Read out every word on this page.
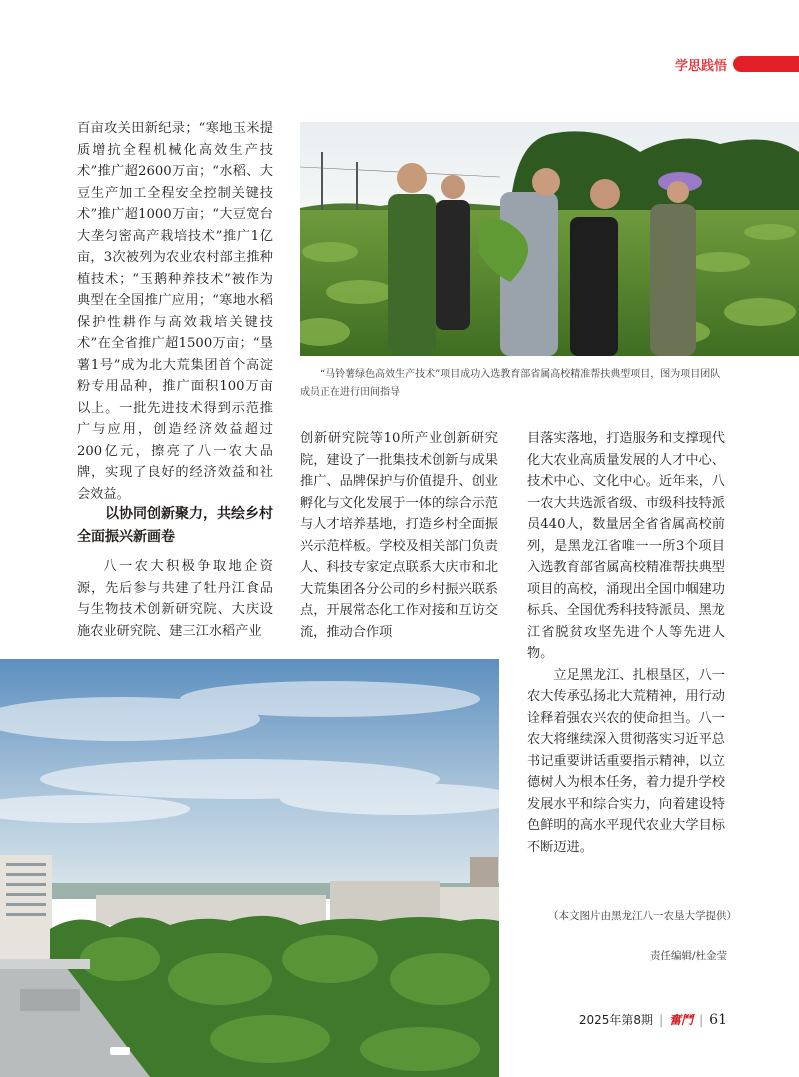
学思践悟

百亩攻关田新纪录；“寒地玉米提质增抗全程机械化高效生产技术”推广超2600万亩；“水稻、大豆生产加工全程安全控制关键技术”推广超1000万亩；“大豆宽台大垄匀密高产栽培技术”推广1亿亩，3次被列为农业农村部主推种植技术；“玉鹅种养技术”被作为典型在全国推广应用；“寒地水稻保护性耕作与高效栽培关键技术”在全省推广超1500万亩；“垦薯1号”成为北大荒集团首个高淀粉专用品种，推广面积100万亩以上。一批先进技术得到示范推广与应用，创造经济效益超过200亿元，擦亮了八一农大品牌，实现了良好的经济效益和社会效益。

以协同创新聚力，共绘乡村全面振兴新画卷

八一农大积极争取地企资源，先后参与共建了牡丹江食品与生物技术创新研究院、大庆设施农业研究院、建三江水稻产业

创新研究院等10所产业创新研究院，建设了一批集技术创新与成果推广、品牌保护与价值提升、创业孵化与文化发展于一体的综合示范与人才培养基地，打造乡村全面振兴示范样板。学校及相关部门负责人、科技专家定点联系大庆市和北大荒集团各分公司的乡村振兴联系点，开展常态化工作对接和互访交流，推动合作项

目落实落地，打造服务和支撑现代化大农业高质量发展的人才中心、技术中心、文化中心。近年来，八一农大共选派省级、市级科技特派员440人，数量居全省省属高校前列，是黑龙江省唯一一所3个项目入选教育部省属高校精准帮扶典型项目的高校，涌现出全国巾帼建功标兵、全国优秀科技特派员、黑龙江省脱贫攻坚先进个人等先进人物。

立足黑龙江、扎根垦区，八一农大传承弘扬北大荒精神，用行动诠释着强农兴农的使命担当。八一农大将继续深入贯彻落实习近平总书记重要讲话重要指示精神，以立德树人为根本任务，着力提升学校发展水平和综合实力，向着建设特色鲜明的高水平现代农业大学目标不断迈进。

“马铃薯绿色高效生产技术”项目成功入选教育部省属高校精准帮扶典型项目，图为项目团队成员正在进行田间指导
（本文图片由黑龙江八一农垦大学提供）
责任编辑/杜金莹
2025年第8期 | 奮鬥 | 61
